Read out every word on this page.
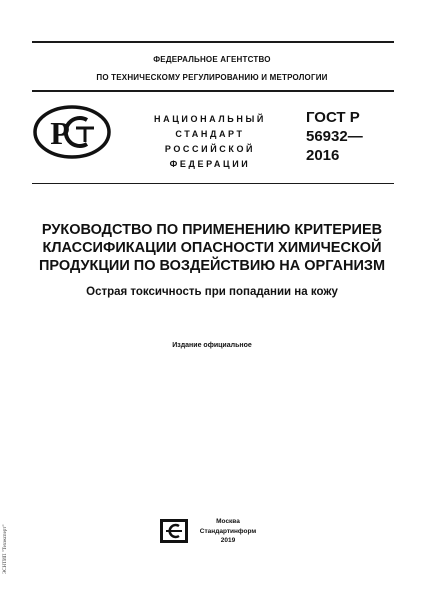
ФЕДЕРАЛЬНОЕ АГЕНТСТВО
ПО ТЕХНИЧЕСКОМУ РЕГУЛИРОВАНИЮ И МЕТРОЛОГИИ
Р	НАЦИОНАЛЬНЫЙ
СТАНДАРТ
РОССИЙСКОЙ
ФЕДЕРАЦИИ
ГОСТ Р
56932—
2016
РУКОВОДСТВО ПО ПРИМЕНЕНИЮ КРИТЕРИЕВ
КЛАССИФИКАЦИИ ОПАСНОСТИ ХИМИЧЕСКОЙ
ПРОДУКЦИИ ПО ВОЗДЕЙСТВИЮ НА ОРГАНИЗМ
Острая токсичность при попадании на кожу
Издание официальное
Москва
Стандартинформ
2019
ЭСНТИП "Техэксперт"
